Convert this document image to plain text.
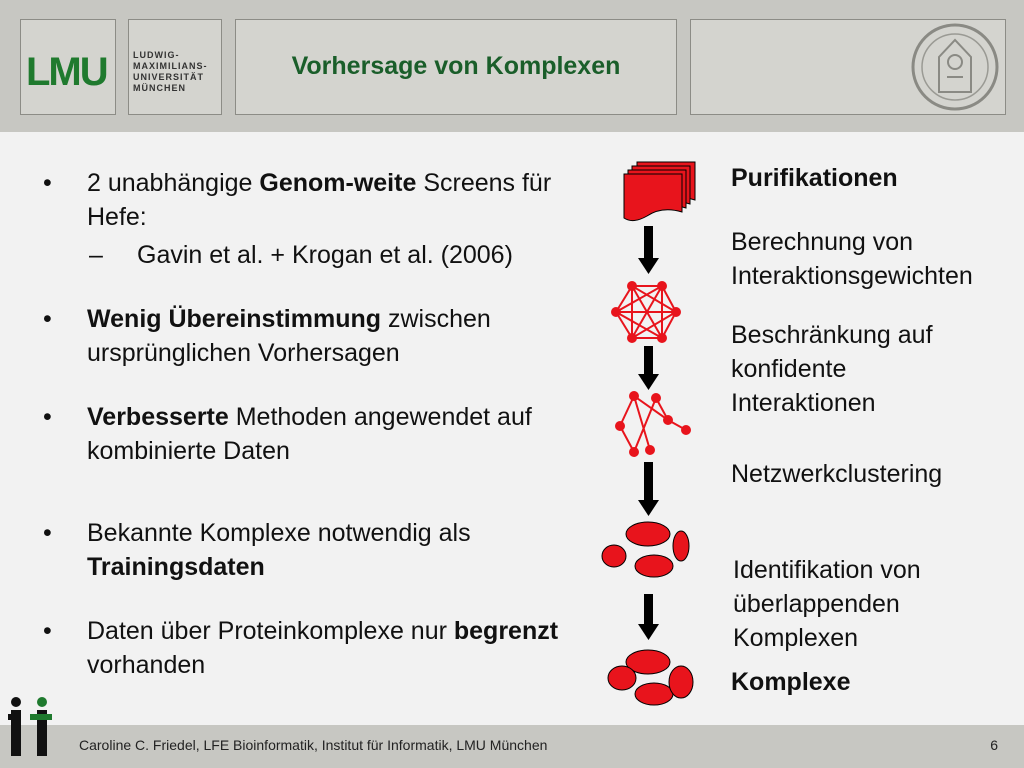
LMU	LUDWIG-
MAXIMILIANS-
UNIVERSITÄT
MÜNCHEN
Vorhersage von Komplexen
• 2 unabhängige Genom-weite Screens für Hefe:
– Gavin et al. + Krogan et al. (2006)
• Wenig Übereinstimmung zwischen ursprünglichen Vorhersagen
• Verbesserte Methoden angewendet auf kombinierte Daten
• Bekannte Komplexe notwendig als Trainingsdaten
• Daten über Proteinkomplexe nur begrenzt vorhanden
Purifikationen
Berechnung von Interaktionsgewichten
Beschränkung auf konfidente Interaktionen
Netzwerkclustering
Identifikation von überlappenden Komplexen
Komplexe
Caroline C. Friedel, LFE Bioinformatik, Institut für Informatik, LMU München	6
